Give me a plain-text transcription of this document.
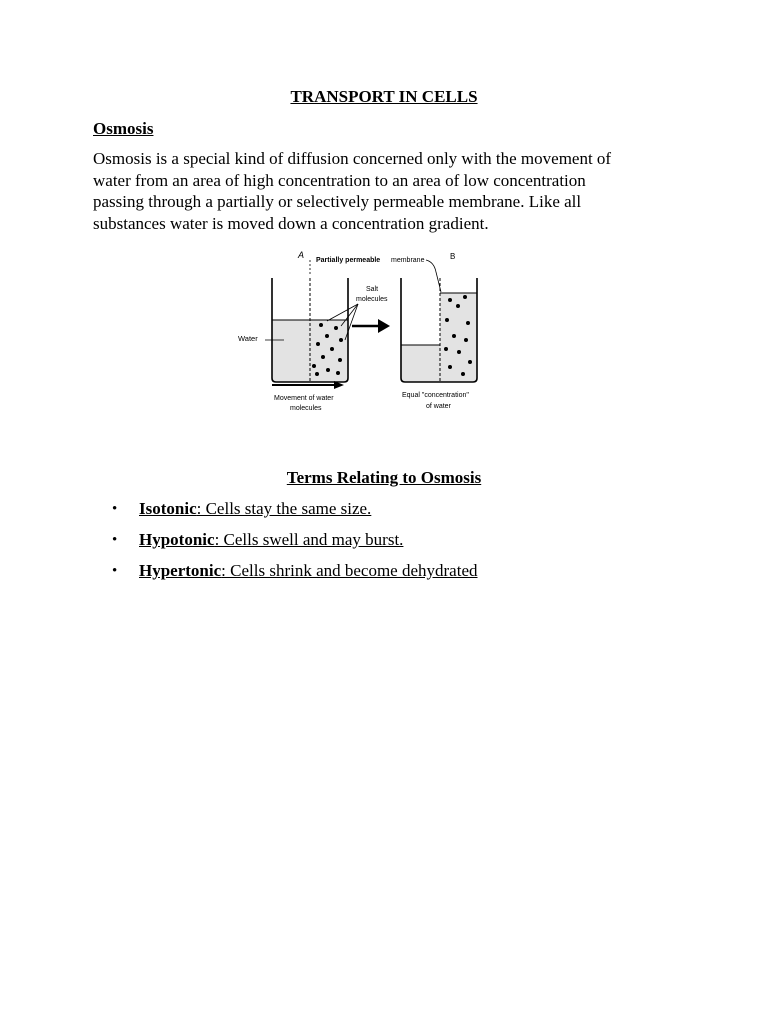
TRANSPORT IN CELLS
Osmosis
Osmosis is a special kind of diffusion concerned only with the movement of
water from an area of high concentration to an area of low concentration
passing through a partially or selectively permeable membrane. Like all
substances water is moved down a concentration gradient.
A
Partially permeable membrane	B
Salt
molecules
Water
Movement of water
molecules
Equal "concentration"
of water
Terms Relating to Osmosis
• Isotonic: Cells stay the same size.
• Hypotonic: Cells swell and may burst.
• Hypertonic: Cells shrink and become dehydrated
